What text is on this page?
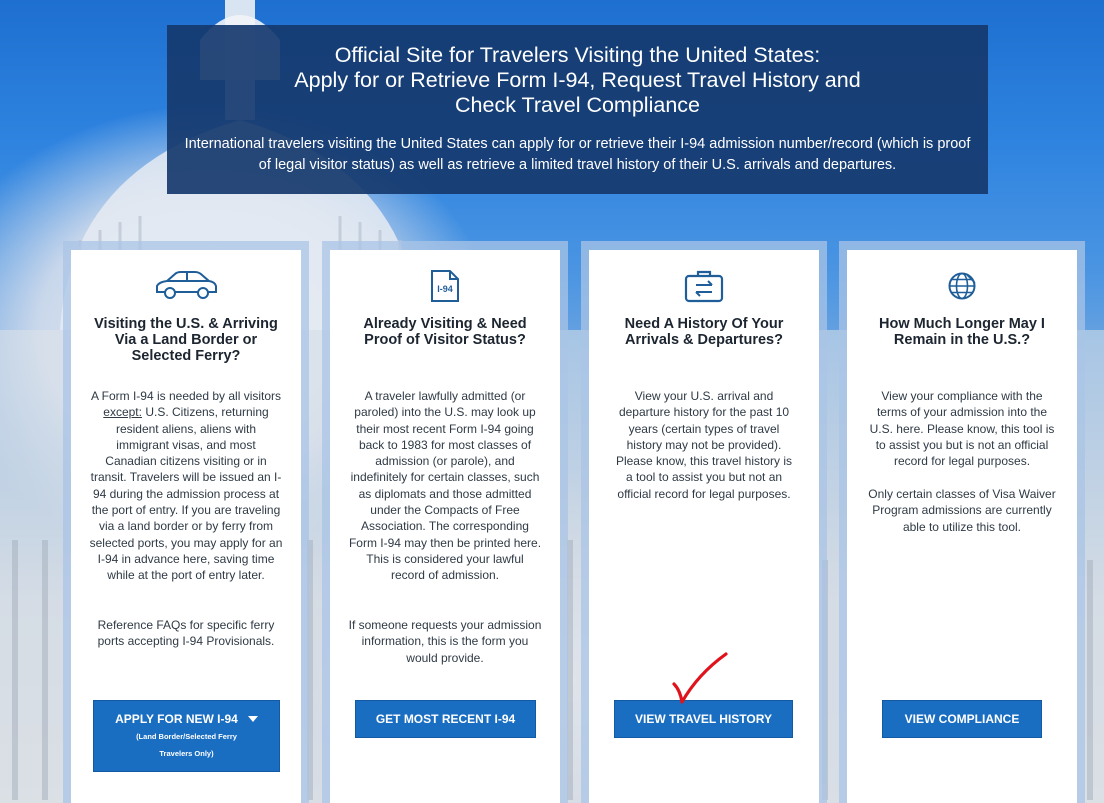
Official Site for Travelers Visiting the United States:
Apply for or Retrieve Form I-94, Request Travel History and
Check Travel Compliance

International travelers visiting the United States can apply for or retrieve their I-94 admission number/record (which is proof of legal visitor status) as well as retrieve a limited travel history of their U.S. arrivals and departures.

Visiting the U.S. & Arriving Via a Land Border or Selected Ferry?

A Form I-94 is needed by all visitors except: U.S. Citizens, returning resident aliens, aliens with immigrant visas, and most Canadian citizens visiting or in transit. Travelers will be issued an I-94 during the admission process at the port of entry. If you are traveling via a land border or by ferry from selected ports, you may apply for an I-94 in advance here, saving time while at the port of entry later.

Reference FAQs for specific ferry ports accepting I-94 Provisionals.

APPLY FOR NEW I-94
(Land Border/Selected Ferry Travelers Only)
I-94
Already Visiting & Need Proof of Visitor Status?

A traveler lawfully admitted (or paroled) into the U.S. may look up their most recent Form I-94 going back to 1983 for most classes of admission (or parole), and indefinitely for certain classes, such as diplomats and those admitted under the Compacts of Free Association. The corresponding Form I-94 may then be printed here. This is considered your lawful record of admission.

If someone requests your admission information, this is the form you would provide.

GET MOST RECENT I-94
Need A History Of Your Arrivals & Departures?

View your U.S. arrival and departure history for the past 10 years (certain types of travel history may not be provided). Please know, this travel history is a tool to assist you but not an official record for legal purposes.

VIEW TRAVEL HISTORY
How Much Longer May I Remain in the U.S.?

View your compliance with the terms of your admission into the U.S. here. Please know, this tool is to assist you but is not an official record for legal purposes.

Only certain classes of Visa Waiver Program admissions are currently able to utilize this tool.

VIEW COMPLIANCE
